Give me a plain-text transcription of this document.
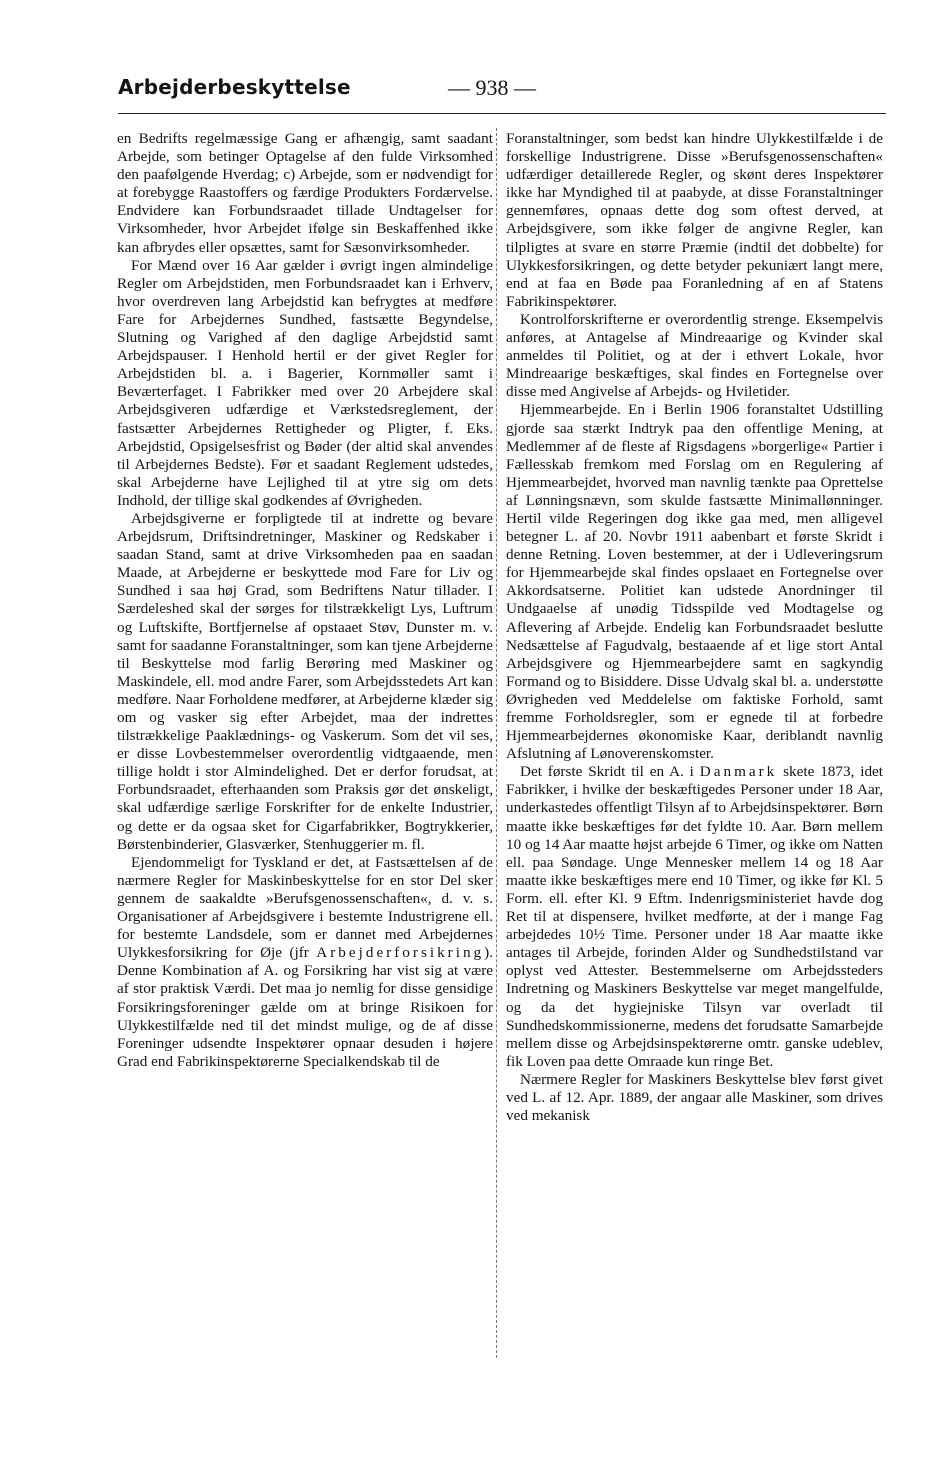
Arbejderbeskyttelse	— 938 —

en Bedrifts regelmæssige Gang er afhængig, samt saadant Arbejde, som betinger Optagelse af den fulde Virksomhed den paafølgende Hverdag; c) Arbejde, som er nødvendigt for at forebygge Raastoffers og færdige Produkters Fordærvelse. Endvidere kan Forbundsraadet tillade Undtagelser for Virksomheder, hvor Arbejdet ifølge sin Beskaffenhed ikke kan afbrydes eller opsættes, samt for Sæsonvirksomheder.

For Mænd over 16 Aar gælder i øvrigt ingen almindelige Regler om Arbejdstiden, men Forbundsraadet kan i Erhverv, hvor overdreven lang Arbejdstid kan befrygtes at medføre Fare for Arbejdernes Sundhed, fastsætte Begyndelse, Slutning og Varighed af den daglige Arbejdstid samt Arbejdspauser. I Henhold hertil er der givet Regler for Arbejdstiden bl. a. i Bagerier, Kornmøller samt i Beværterfaget. I Fabrikker med over 20 Arbejdere skal Arbejdsgiveren udfærdige et Værkstedsreglement, der fastsætter Arbejdernes Rettigheder og Pligter, f. Eks. Arbejdstid, Opsigelsesfrist og Bøder (der altid skal anvendes til Arbejdernes Bedste). Før et saadant Reglement udstedes, skal Arbejderne have Lejlighed til at ytre sig om dets Indhold, der tillige skal godkendes af Øvrigheden.

Arbejdsgiverne er forpligtede til at indrette og bevare Arbejdsrum, Driftsindretninger, Maskiner og Redskaber i saadan Stand, samt at drive Virksomheden paa en saadan Maade, at Arbejderne er beskyttede mod Fare for Liv og Sundhed i saa høj Grad, som Bedriftens Natur tillader. I Særdeleshed skal der sørges for tilstrækkeligt Lys, Luftrum og Luftskifte, Bortfjernelse af opstaaet Støv, Dunster m. v. samt for saadanne Foranstaltninger, som kan tjene Arbejderne til Beskyttelse mod farlig Berøring med Maskiner og Maskindele, ell. mod andre Farer, som Arbejdsstedets Art kan medføre. Naar Forholdene medfører, at Arbejderne klæder sig om og vasker sig efter Arbejdet, maa der indrettes tilstrækkelige Paaklædnings- og Vaskerum. Som det vil ses, er disse Lovbestemmelser overordentlig vidtgaaende, men tillige holdt i stor Almindelighed. Det er derfor forudsat, at Forbundsraadet, efterhaanden som Praksis gør det ønskeligt, skal udfærdige særlige Forskrifter for de enkelte Industrier, og dette er da ogsaa sket for Cigarfabrikker, Bogtrykkerier, Børstenbinderier, Glasværker, Stenhuggerier m. fl.

Ejendommeligt for Tyskland er det, at Fastsættelsen af de nærmere Regler for Maskinbeskyttelse for en stor Del sker gennem de saakaldte »Berufsgenossenschaften«, d. v. s. Organisationer af Arbejdsgivere i bestemte Industrigrene ell. for bestemte Landsdele, som er dannet med Arbejdernes Ulykkesforsikring for Øje (jfr Arbejderforsikring). Denne Kombination af A. og Forsikring har vist sig at være af stor praktisk Værdi. Det maa jo nemlig for disse gensidige Forsikringsforeninger gælde om at bringe Risikoen for Ulykkestilfælde ned til det mindst mulige, og de af disse Foreninger udsendte Inspektører opnaar desuden i højere Grad end Fabrikinspektørerne Specialkendskab til de

Foranstaltninger, som bedst kan hindre Ulykkestilfælde i de forskellige Industrigrene. Disse »Berufsgenossenschaften« udfærdiger detaillerede Regler, og skønt deres Inspektører ikke har Myndighed til at paabyde, at disse Foranstaltninger gennemføres, opnaas dette dog som oftest derved, at Arbejdsgivere, som ikke følger de angivne Regler, kan tilpligtes at svare en større Præmie (indtil det dobbelte) for Ulykkesforsikringen, og dette betyder pekuniært langt mere, end at faa en Bøde paa Foranledning af en af Statens Fabrikinspektører.

Kontrolforskrifterne er overordentlig strenge. Eksempelvis anføres, at Antagelse af Mindreaarige og Kvinder skal anmeldes til Politiet, og at der i ethvert Lokale, hvor Mindreaarige beskæftiges, skal findes en Fortegnelse over disse med Angivelse af Arbejds- og Hviletider.

Hjemmearbejde. En i Berlin 1906 foranstaltet Udstilling gjorde saa stærkt Indtryk paa den offentlige Mening, at Medlemmer af de fleste af Rigsdagens »borgerlige« Partier i Fællesskab fremkom med Forslag om en Regulering af Hjemmearbejdet, hvorved man navnlig tænkte paa Oprettelse af Lønningsnævn, som skulde fastsætte Minimallønninger. Hertil vilde Regeringen dog ikke gaa med, men alligevel betegner L. af 20. Novbr 1911 aabenbart et første Skridt i denne Retning. Loven bestemmer, at der i Udleveringsrum for Hjemmearbejde skal findes opslaaet en Fortegnelse over Akkordsatserne. Politiet kan udstede Anordninger til Undgaaelse af unødig Tidsspilde ved Modtagelse og Aflevering af Arbejde. Endelig kan Forbundsraadet beslutte Nedsættelse af Fagudvalg, bestaaende af et lige stort Antal Arbejdsgivere og Hjemmearbejdere samt en sagkyndig Formand og to Bisiddere. Disse Udvalg skal bl. a. understøtte Øvrigheden ved Meddelelse om faktiske Forhold, samt fremme Forholdsregler, som er egnede til at forbedre Hjemmearbejdernes økonomiske Kaar, deriblandt navnlig Afslutning af Lønoverenskomster.

Det første Skridt til en A. i Danmark skete 1873, idet Fabrikker, i hvilke der beskæftigedes Personer under 18 Aar, underkastedes offentligt Tilsyn af to Arbejdsinspektører. Børn maatte ikke beskæftiges før det fyldte 10. Aar. Børn mellem 10 og 14 Aar maatte højst arbejde 6 Timer, og ikke om Natten ell. paa Søndage. Unge Mennesker mellem 14 og 18 Aar maatte ikke beskæftiges mere end 10 Timer, og ikke før Kl. 5 Form. ell. efter Kl. 9 Eftm. Indenrigsministeriet havde dog Ret til at dispensere, hvilket medførte, at der i mange Fag arbejdedes 10½ Time. Personer under 18 Aar maatte ikke antages til Arbejde, forinden Alder og Sundhedstilstand var oplyst ved Attester. Bestemmelserne om Arbejdssteders Indretning og Maskiners Beskyttelse var meget mangelfulde, og da det hygiejniske Tilsyn var overladt til Sundhedskommissionerne, medens det forudsatte Samarbejde mellem disse og Arbejdsinspektørerne omtr. ganske udeblev, fik Loven paa dette Omraade kun ringe Bet.

Nærmere Regler for Maskiners Beskyttelse blev først givet ved L. af 12. Apr. 1889, der angaar alle Maskiner, som drives ved mekanisk
